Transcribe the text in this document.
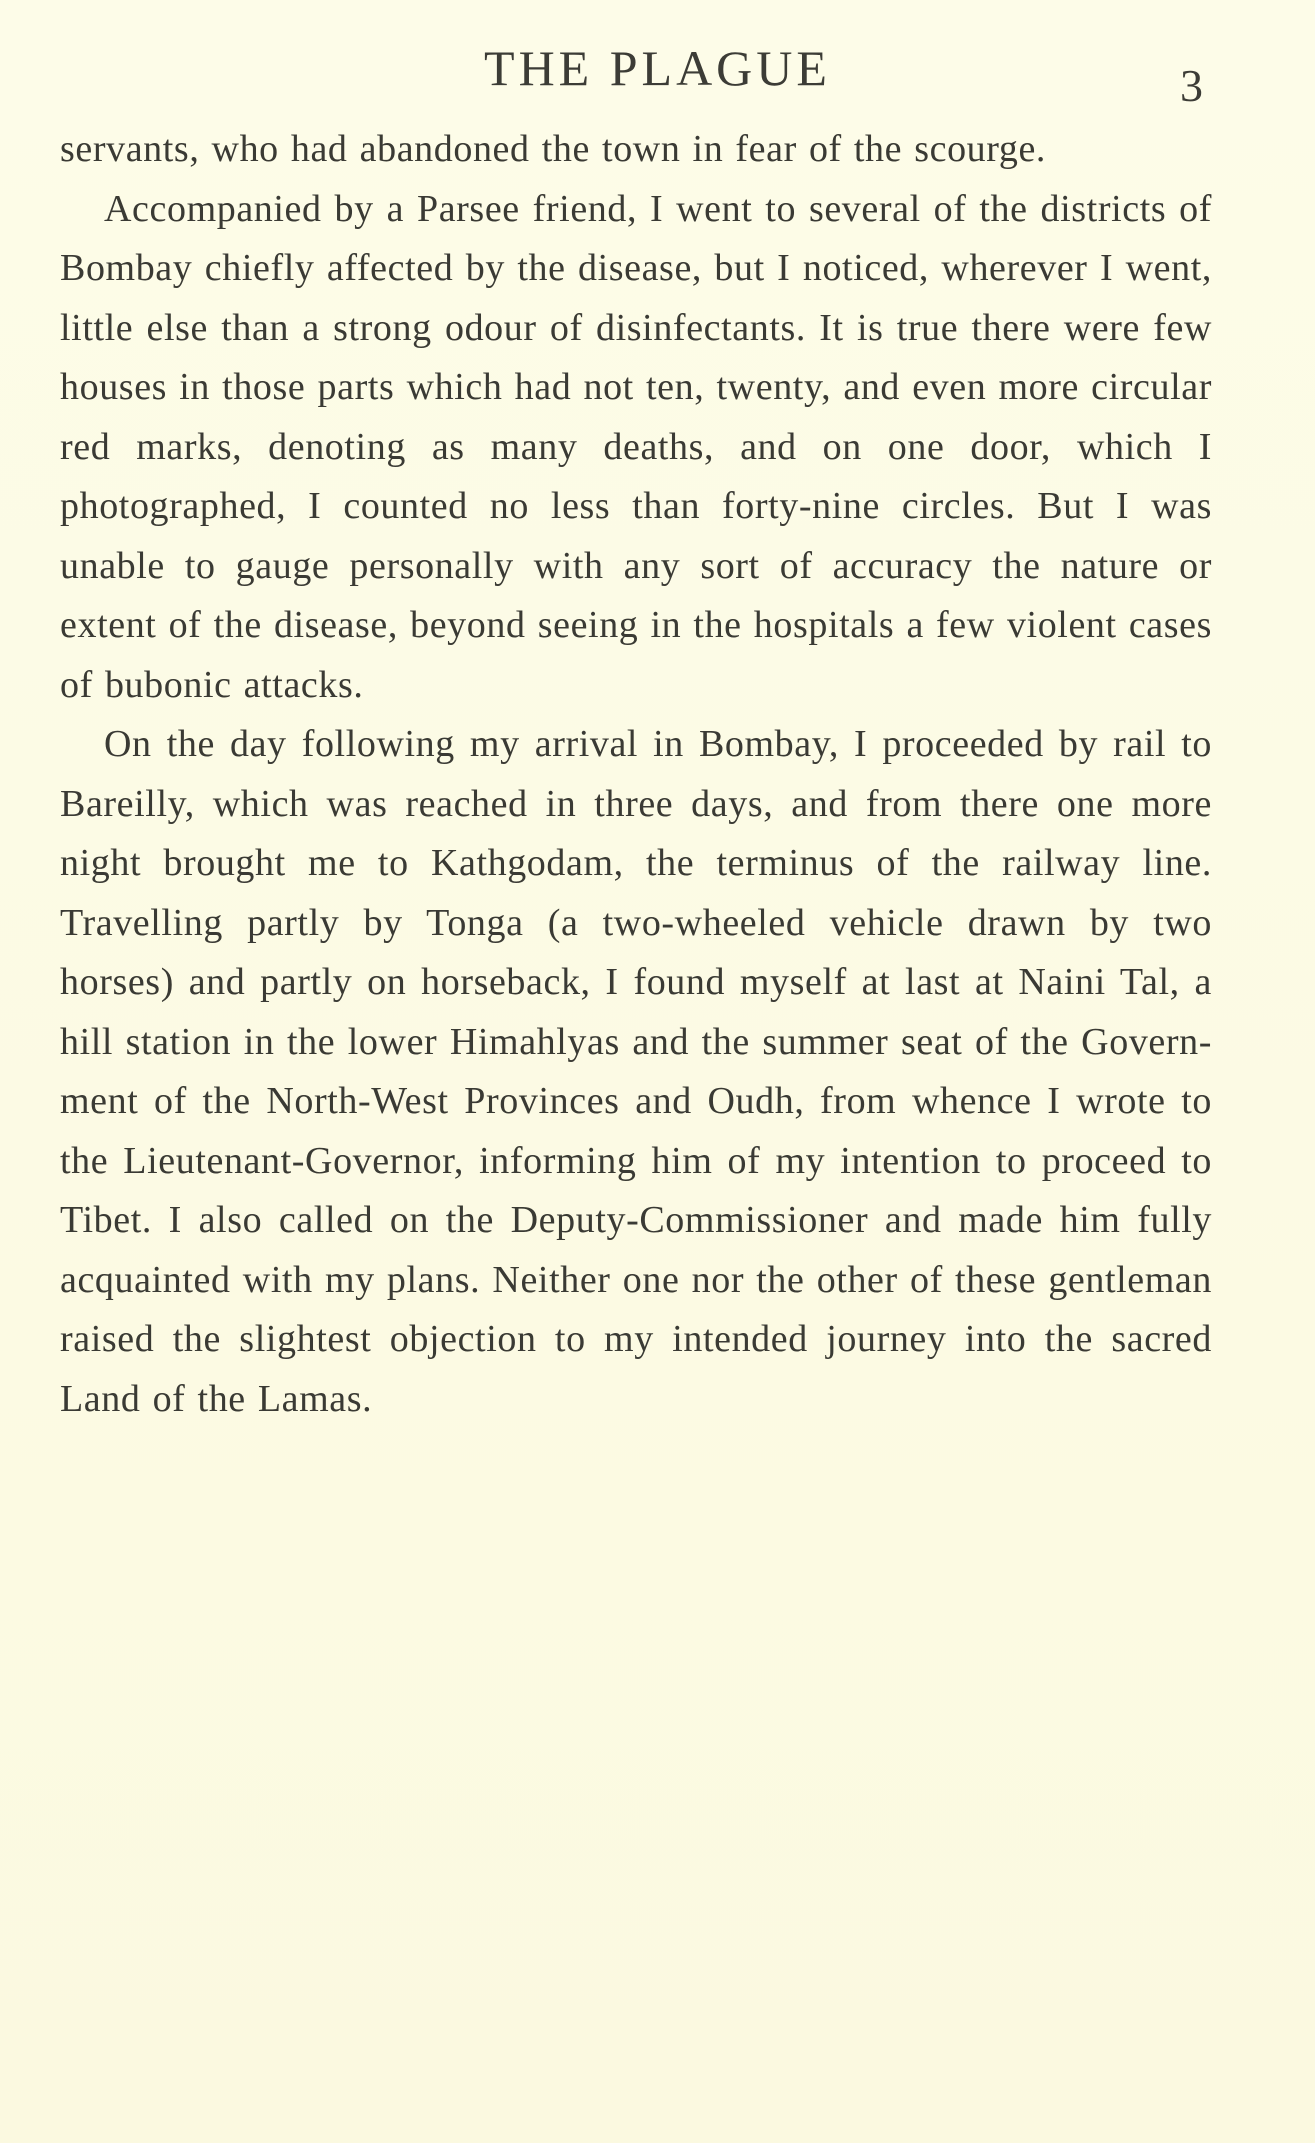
THE PLAGUE	3

servants, who had abandoned the town in fear of the scourge.

Accompanied by a Parsee friend, I went to several of the districts of Bombay chiefly affected by the disease, but I noticed, wherever I went, little else than a strong odour of disinfectants. It is true there were few houses in those parts which had not ten, twenty, and even more circular red marks, denoting as many deaths, and on one door, which I photographed, I counted no less than forty-nine circles. But I was unable to gauge personally with any sort of accuracy the nature or extent of the disease, beyond seeing in the hospitals a few violent cases of bubonic attacks.

On the day following my arrival in Bombay, I proceeded by rail to Bareilly, which was reached in three days, and from there one more night brought me to Kathgodam, the terminus of the railway line. Travelling partly by Tonga (a two-wheeled vehicle drawn by two horses) and partly on horseback, I found myself at last at Naini Tal, a hill station in the lower Himahlyas and the summer seat of the Govern-ment of the North-West Provinces and Oudh, from whence I wrote to the Lieutenant-Governor, informing him of my intention to proceed to Tibet. I also called on the Deputy-Commissioner and made him fully acquainted with my plans. Neither one nor the other of these gentleman raised the slightest objection to my intended journey into the sacred Land of the Lamas.
